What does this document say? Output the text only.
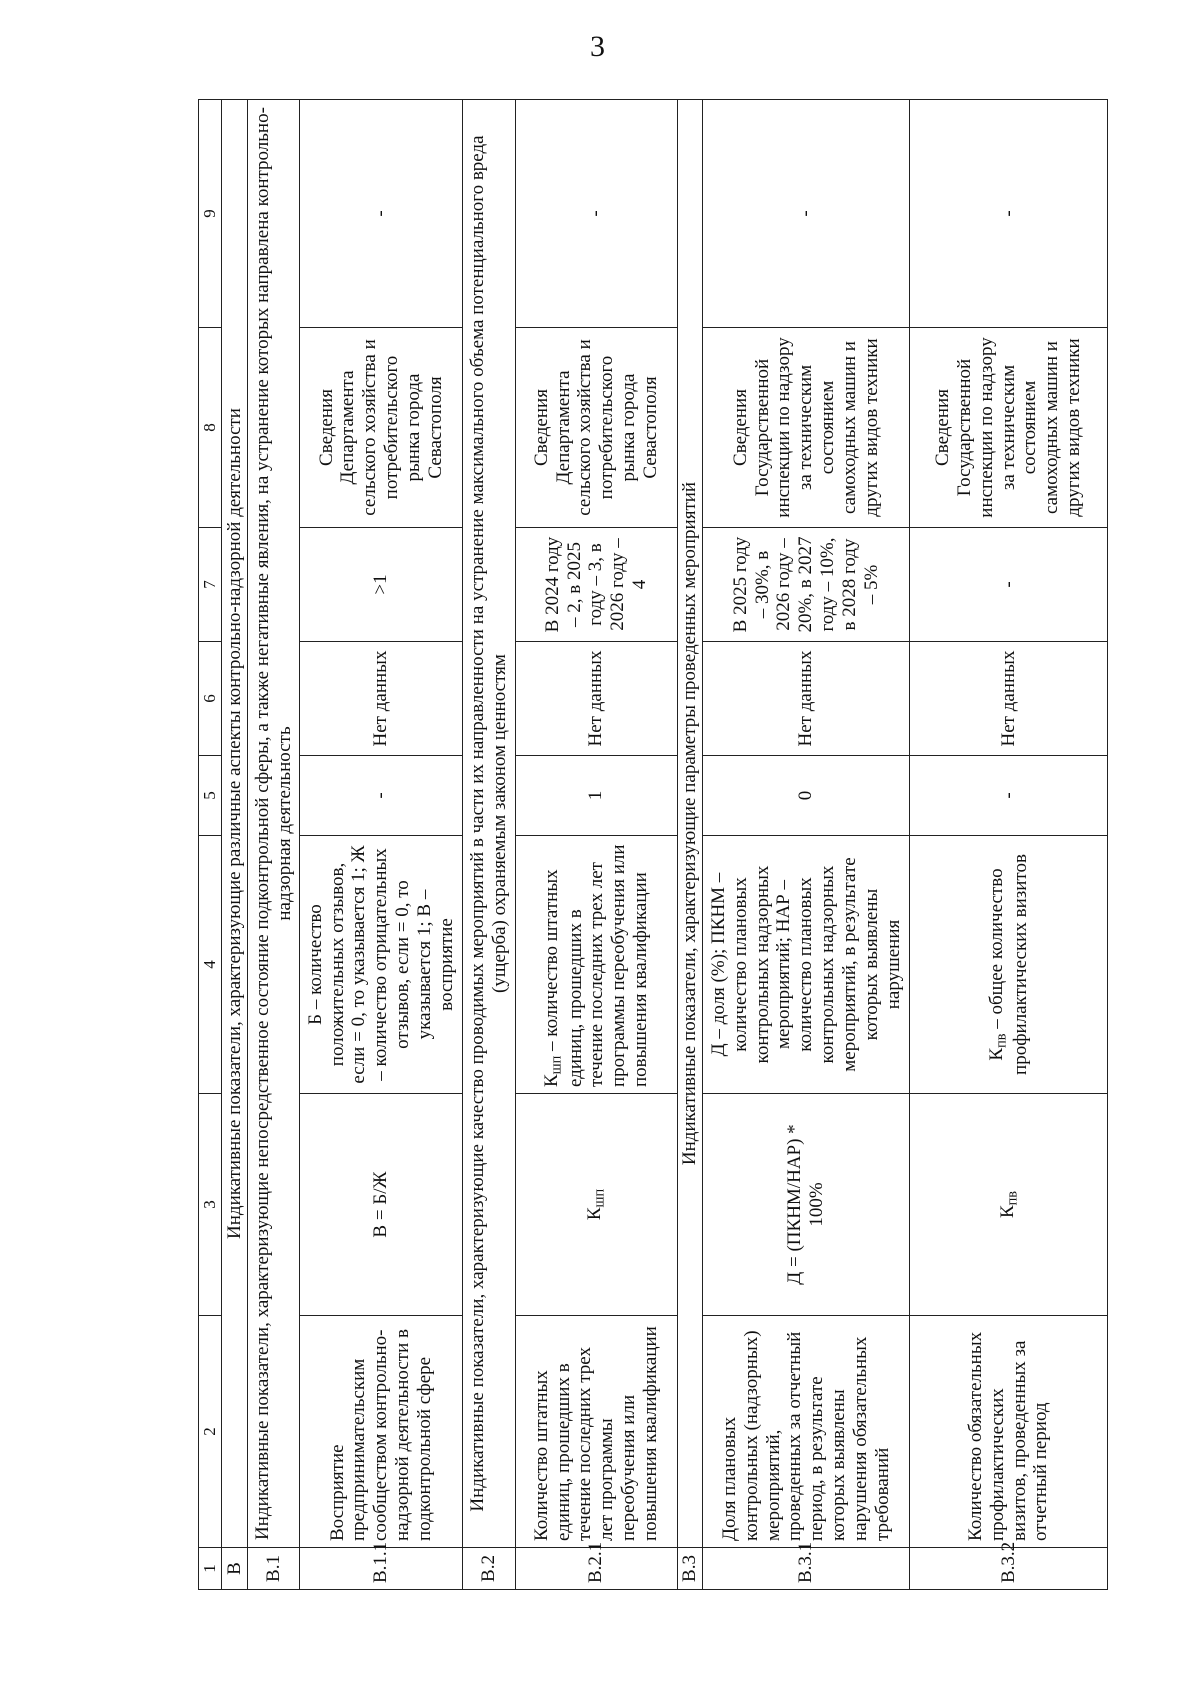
3
1	2	3	4	5	6	7	8	9
В	Индикативные показатели, характеризующие различные аспекты контрольно-надзорной деятельности							
В.1	Индикативные показатели, характеризующие непосредственное состояние подконтрольной сферы, а также негативные явления, на устранение которых направлена контрольно-надзорная деятельность							
В.1.1	Восприятие предпринимательским сообществом контрольно-надзорной деятельности в подконтрольной сфере	В = Б/Ж	Б – количество положительных отзывов, если = 0, то указывается 1; Ж – количество отрицательных отзывов, если = 0, то указывается 1; В – восприятие	-	Нет данных	>1	Сведения Департамента сельского хозяйства и потребительского рынка города Севастополя	-
В.2	Индикативные показатели, характеризующие качество проводимых мероприятий в части их направленности на устранение максимального объема потенциального вреда (ущерба) охраняемым законом ценностям							
В.2.1	Количество штатных единиц, прошедших в течение последних трех лет программы переобучения или повышения квалификации	$К_{шп}$	$К_{шп}$ – количество штатных единиц, прошедших в течение последних трех лет программы переобучения или повышения квалификации	1	Нет данных	В 2024 году – 2, в 2025 году – 3, в 2026 году – 4	Сведения Департамента сельского хозяйства и потребительского рынка города Севастополя	-
В.3	Индикативные показатели, характеризующие параметры проведенных мероприятий							
В.3.1	Доля плановых контрольных (надзорных) мероприятий, проведенных за отчетный период, в результате которых выявлены нарушения обязательных требований	Д = (ПКНМ/НАР) * 100%	Д – доля (%); ПКНМ – количество плановых контрольных надзорных мероприятий; НАР – количество плановых контрольных надзорных мероприятий, в результате которых выявлены нарушения	0	Нет данных	В 2025 году – 30%, в 2026 году – 20%, в 2027 году – 10%, в 2028 году – 5%	Сведения Государственной инспекции по надзору за техническим состоянием самоходных машин и других видов техники	-
В.3.2	Количество обязательных профилактических визитов, проведенных за отчетный период	$К_{пв}$	$К_{пв}$ – общее количество профилактических визитов	-	Нет данных	-	Сведения Государственной инспекции по надзору за техническим состоянием самоходных машин и других видов техники	-
